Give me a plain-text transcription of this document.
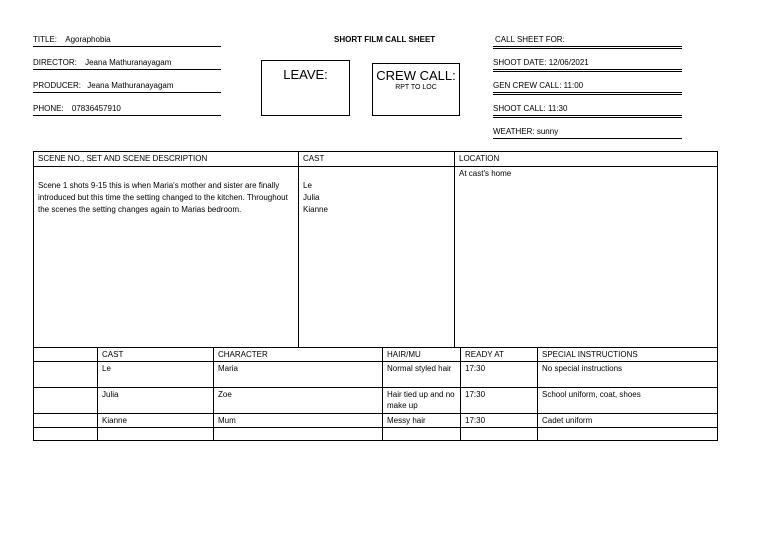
TITLE: Agoraphobia
DIRECTOR: Jeana Mathuranayagam
PRODUCER: Jeana Mathuranayagam
PHONE: 07836457910
SHORT FILM CALL SHEET
LEAVE:	CREW CALL:
RPT TO LOC
CALL SHEET FOR:
SHOOT DATE: 12/06/2021
GEN CREW CALL: 11:00
SHOOT CALL: 11:30
WEATHER: sunny
SCENE NO., SET AND SCENE DESCRIPTION	CAST	LOCATION
Scene 1 shots 9-15 this is when Maria's mother and sister are finally introduced but this time the setting changed to the kitchen. Throughout the scenes the setting changes again to Marias bedroom.	Le
Julia
Kianne	At cast's home
	CAST	CHARACTER	HAIR/MU	READY AT	SPECIAL INSTRUCTIONS
	Le	Maria	Normal styled hair	17:30	No special instructions
	Julia	Zoe	Hair tied up and no make up	17:30	School uniform, coat, shoes
	Kianne	Mum	Messy hair	17:30	Cadet uniform
